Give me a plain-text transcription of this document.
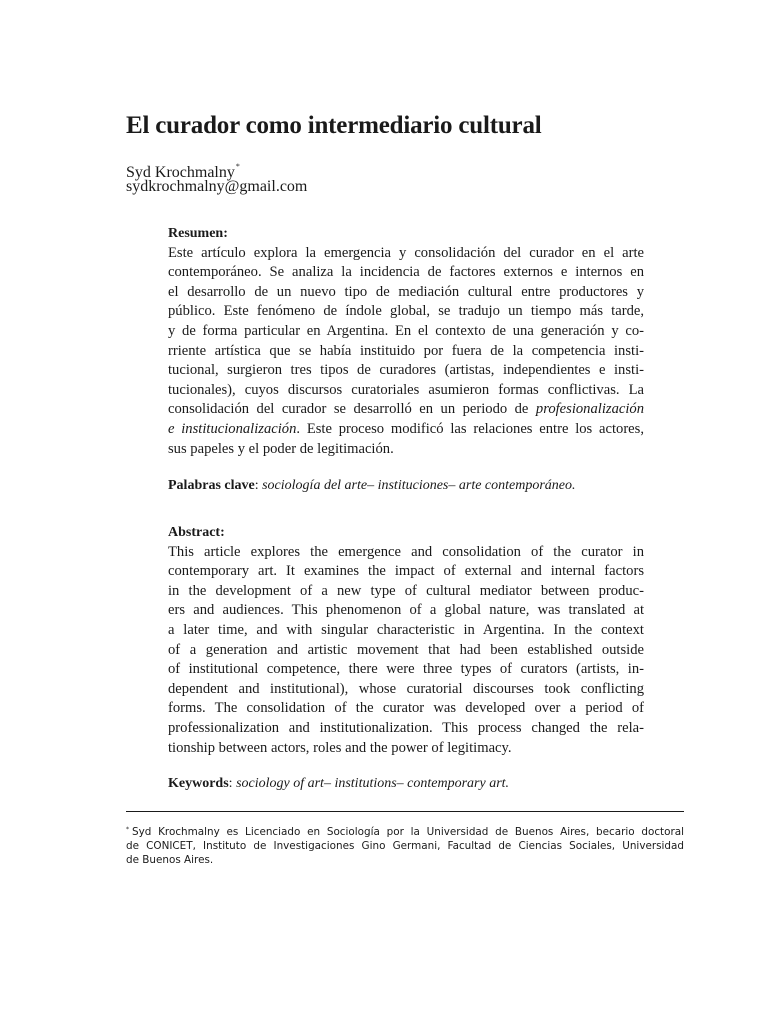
El curador como intermediario cultural
Syd Krochmalny*
sydkrochmalny@gmail.com
Resumen:
Este artículo explora la emergencia y consolidación del curador en el arte
contemporáneo. Se analiza la incidencia de factores externos e internos en
el desarrollo de un nuevo tipo de mediación cultural entre productores y
público. Este fenómeno de índole global, se tradujo un tiempo más tarde,
y de forma particular en Argentina. En el contexto de una generación y co-
rriente artística que se había instituido por fuera de la competencia insti-
tucional, surgieron tres tipos de curadores (artistas, independientes e insti-
tucionales), cuyos discursos curatoriales asumieron formas conflictivas. La
consolidación del curador se desarrolló en un periodo de profesionalización
e institucionalización. Este proceso modificó las relaciones entre los actores,
sus papeles y el poder de legitimación.
Palabras clave: sociología del arte– instituciones– arte contemporáneo.
Abstract:
This article explores the emergence and consolidation of the curator in
contemporary art. It examines the impact of external and internal factors
in the development of a new type of cultural mediator between produc-
ers and audiences. This phenomenon of a global nature, was translated at
a later time, and with singular characteristic in Argentina. In the context
of a generation and artistic movement that had been established outside
of institutional competence, there were three types of curators (artists, in-
dependent and institutional), whose curatorial discourses took conflicting
forms. The consolidation of the curator was developed over a period of
professionalization and institutionalization. This process changed the rela-
tionship between actors, roles and the power of legitimacy.
Keywords: sociology of art– institutions– contemporary art.
* Syd Krochmalny es Licenciado en Sociología por la Universidad de Buenos Aires, becario doctoral
de CONICET, Instituto de Investigaciones Gino Germani, Facultad de Ciencias Sociales, Universidad
de Buenos Aires.
